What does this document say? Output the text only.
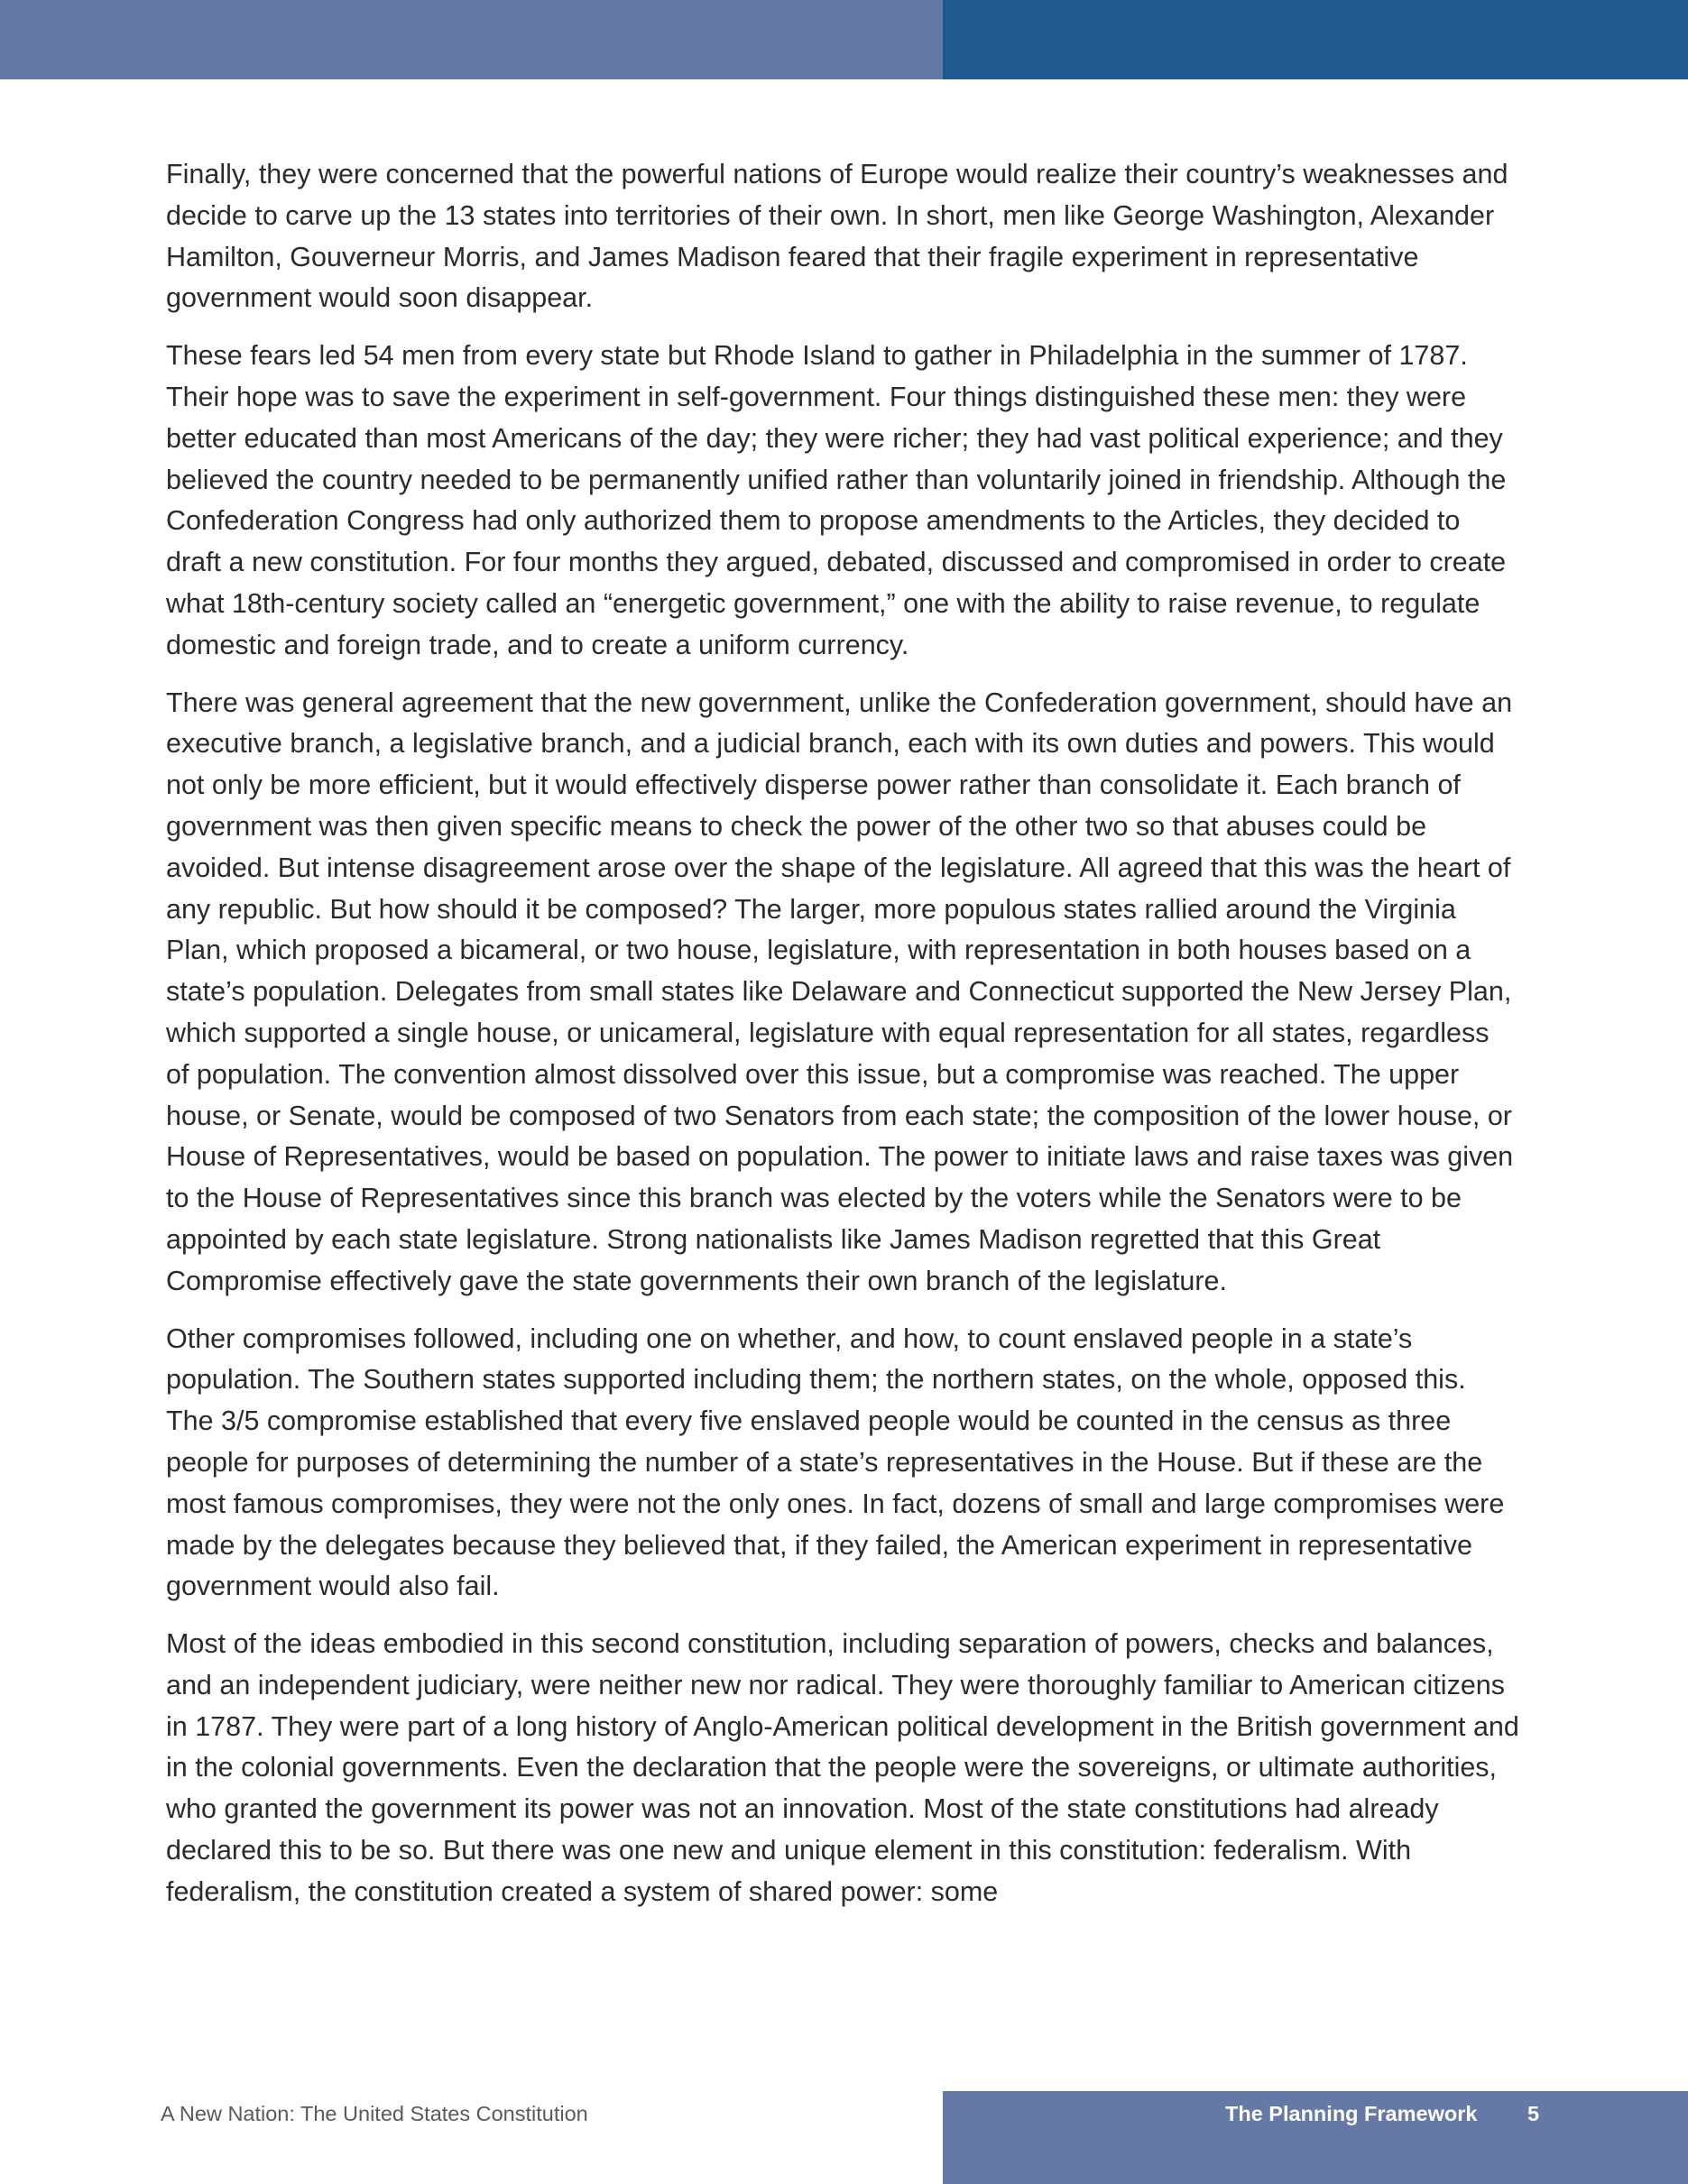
Finally, they were concerned that the powerful nations of Europe would realize their country’s weaknesses and decide to carve up the 13 states into territories of their own. In short, men like George Washington, Alexander Hamilton, Gouverneur Morris, and James Madison feared that their fragile experiment in representative government would soon disappear.

These fears led 54 men from every state but Rhode Island to gather in Philadelphia in the summer of 1787. Their hope was to save the experiment in self-government. Four things distinguished these men: they were better educated than most Americans of the day; they were richer; they had vast political experience; and they believed the country needed to be permanently unified rather than voluntarily joined in friendship. Although the Confederation Congress had only authorized them to propose amendments to the Articles, they decided to draft a new constitution. For four months they argued, debated, discussed and compromised in order to create what 18th-century society called an “energetic government,” one with the ability to raise revenue, to regulate domestic and foreign trade, and to create a uniform currency.

There was general agreement that the new government, unlike the Confederation government, should have an executive branch, a legislative branch, and a judicial branch, each with its own duties and powers. This would not only be more efficient, but it would effectively disperse power rather than consolidate it. Each branch of government was then given specific means to check the power of the other two so that abuses could be avoided. But intense disagreement arose over the shape of the legislature. All agreed that this was the heart of any republic. But how should it be composed? The larger, more populous states rallied around the Virginia Plan, which proposed a bicameral, or two house, legislature, with representation in both houses based on a state’s population. Delegates from small states like Delaware and Connecticut supported the New Jersey Plan, which supported a single house, or unicameral, legislature with equal representation for all states, regardless of population. The convention almost dissolved over this issue, but a compromise was reached. The upper house, or Senate, would be composed of two Senators from each state; the composition of the lower house, or House of Representatives, would be based on population. The power to initiate laws and raise taxes was given to the House of Representatives since this branch was elected by the voters while the Senators were to be appointed by each state legislature. Strong nationalists like James Madison regretted that this Great Compromise effectively gave the state governments their own branch of the legislature.

Other compromises followed, including one on whether, and how, to count enslaved people in a state’s population. The Southern states supported including them; the northern states, on the whole, opposed this. The 3/5 compromise established that every five enslaved people would be counted in the census as three people for purposes of determining the number of a state’s representatives in the House. But if these are the most famous compromises, they were not the only ones. In fact, dozens of small and large compromises were made by the delegates because they believed that, if they failed, the American experiment in representative government would also fail.

Most of the ideas embodied in this second constitution, including separation of powers, checks and balances, and an independent judiciary, were neither new nor radical. They were thoroughly familiar to American citizens in 1787. They were part of a long history of Anglo-American political development in the British government and in the colonial governments. Even the declaration that the people were the sovereigns, or ultimate authorities, who granted the government its power was not an innovation. Most of the state constitutions had already declared this to be so. But there was one new and unique element in this constitution: federalism. With federalism, the constitution created a system of shared power: some

A New Nation: The United States Constitution	The Planning Framework 5
